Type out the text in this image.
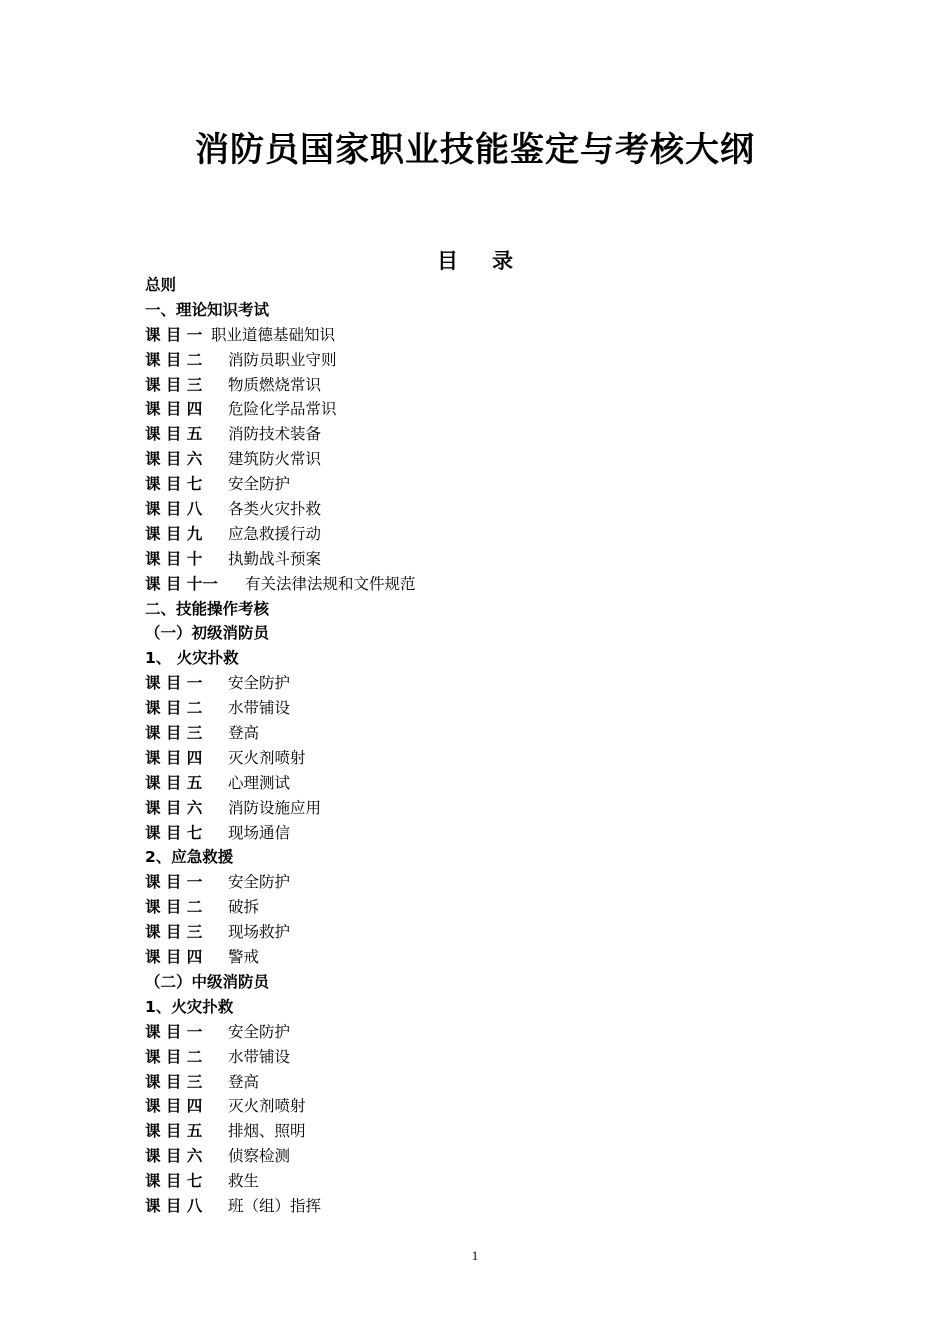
消防员国家职业技能鉴定与考核大纲
目 录
总则
一、理论知识考试
课 目 一 职业道德基础知识
课 目 二 消防员职业守则
课 目 三 物质燃烧常识
课 目 四 危险化学品常识
课 目 五 消防技术装备
课 目 六 建筑防火常识
课 目 七 安全防护
课 目 八 各类火灾扑救
课 目 九 应急救援行动
课 目 十 执勤战斗预案
课 目 十一 有关法律法规和文件规范
二、技能操作考核
（一）初级消防员
1、 火灾扑救
课 目 一 安全防护
课 目 二 水带铺设
课 目 三 登高
课 目 四 灭火剂喷射
课 目 五 心理测试
课 目 六 消防设施应用
课 目 七 现场通信
2、应急救援
课 目 一 安全防护
课 目 二 破拆
课 目 三 现场救护
课 目 四 警戒
（二）中级消防员
1、火灾扑救
课 目 一 安全防护
课 目 二 水带铺设
课 目 三 登高
课 目 四 灭火剂喷射
课 目 五 排烟、照明
课 目 六 侦察检测
课 目 七 救生
课 目 八 班（组）指挥
1
